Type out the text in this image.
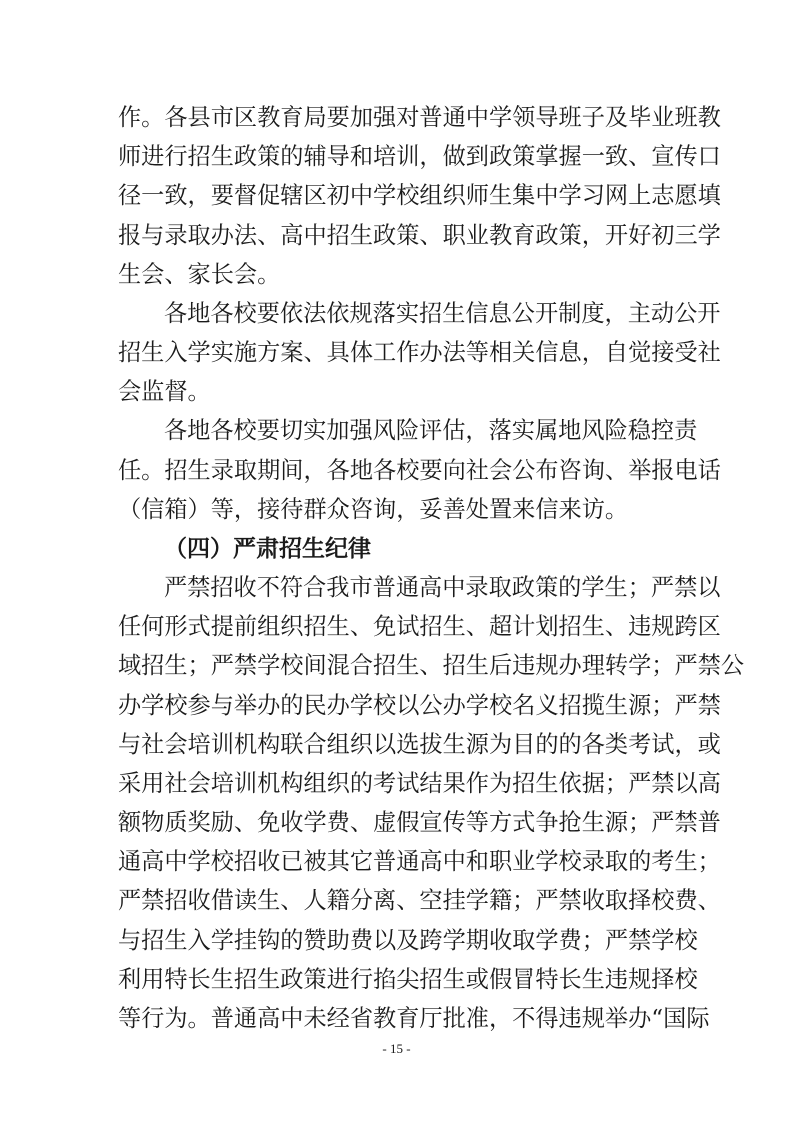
作。各县市区教育局要加强对普通中学领导班子及毕业班教
师进行招生政策的辅导和培训，做到政策掌握一致、宣传口
径一致，要督促辖区初中学校组织师生集中学习网上志愿填
报与录取办法、高中招生政策、职业教育政策，开好初三学
生会、家长会。
各地各校要依法依规落实招生信息公开制度，主动公开
招生入学实施方案、具体工作办法等相关信息，自觉接受社
会监督。
各地各校要切实加强风险评估，落实属地风险稳控责
任。招生录取期间，各地各校要向社会公布咨询、举报电话
（信箱）等，接待群众咨询，妥善处置来信来访。
（四）严肃招生纪律
严禁招收不符合我市普通高中录取政策的学生；严禁以
任何形式提前组织招生、免试招生、超计划招生、违规跨区
域招生；严禁学校间混合招生、招生后违规办理转学；严禁公
办学校参与举办的民办学校以公办学校名义招揽生源；严禁
与社会培训机构联合组织以选拔生源为目的的各类考试，或
采用社会培训机构组织的考试结果作为招生依据；严禁以高
额物质奖励、免收学费、虚假宣传等方式争抢生源；严禁普
通高中学校招收已被其它普通高中和职业学校录取的考生；
严禁招收借读生、人籍分离、空挂学籍；严禁收取择校费、
与招生入学挂钩的赞助费以及跨学期收取学费；严禁学校
利用特长生招生政策进行掐尖招生或假冒特长生违规择校
等行为。普通高中未经省教育厅批准，不得违规举办“国际
- 15 -
